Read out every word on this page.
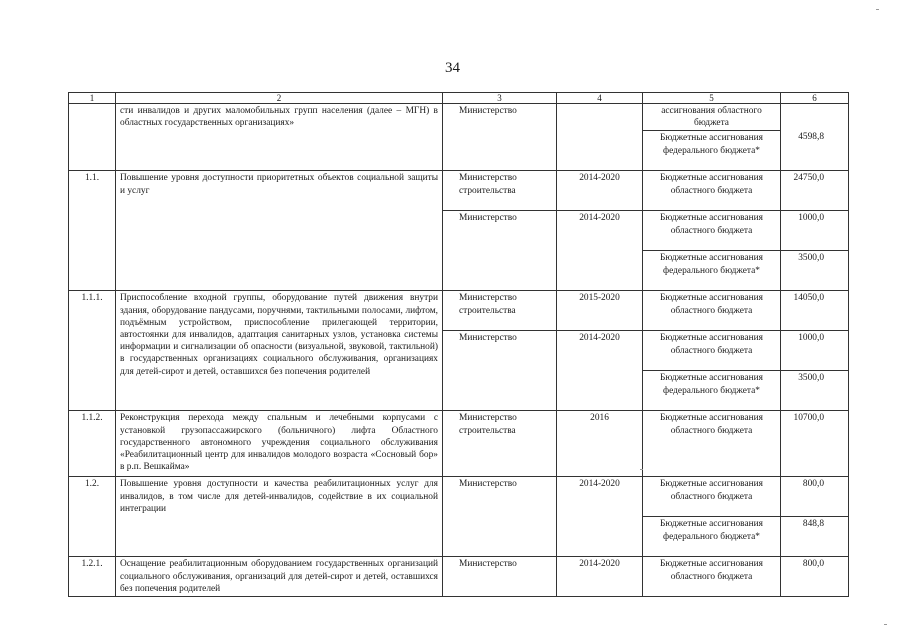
34
1	2	3	4	5	6
	сти инвалидов и других маломобильных групп населения (далее – МГН) в областных государственных организациях»	Министерство		ассигнования областного бюджета	4598,8
				Бюджетные ассигнования федерального бюджета*	
1.1.	Повышение уровня доступности приоритетных объектов социальной защиты и услуг	Министерство строительства	2014-2020	Бюджетные ассигнования областного бюджета	24750,0
		Министерство	2014-2020	Бюджетные ассигнования областного бюджета	1000,0
				Бюджетные ассигнования федерального бюджета*	3500,0
1.1.1.	Приспособление входной группы, оборудование путей движения внутри здания, оборудование пандусами, поручнями, тактильными полосами, лифтом, подъёмным устройством, приспособление прилегающей территории, автостоянки для инвалидов, адаптация санитарных узлов, установка системы информации и сигнализации об опасности (визуальной, звуковой, тактильной) в государственных организациях социального обслуживания, организациях для детей-сирот и детей, оставшихся без попечения родителей	Министерство строительства	2015-2020	Бюджетные ассигнования областного бюджета	14050,0
		Министерство	2014-2020	Бюджетные ассигнования областного бюджета	1000,0
				Бюджетные ассигнования федерального бюджета*	3500,0
1.1.2.	Реконструкция перехода между спальным и лечебными корпусами с установкой грузопассажирского (больничного) лифта Областного государственного автономного учреждения социального обслуживания «Реабилитационный центр для инвалидов молодого возраста «Сосновый бор» в р.п. Вешкайма»	Министерство строительства	2016	Бюджетные ассигнования областного бюджета	10700,0
1.2.	Повышение уровня доступности и качества реабилитационных услуг для инвалидов, в том числе для детей-инвалидов, содействие в их социальной интеграции	Министерство	2014-2020	Бюджетные ассигнования областного бюджета	800,0
				Бюджетные ассигнования федерального бюджета*	848,8
1.2.1.	Оснащение реабилитационным оборудованием государственных организаций социального обслуживания, организаций для детей-сирот и детей, оставшихся без попечения родителей	Министерство	2014-2020	Бюджетные ассигнования областного бюджета	800,0
